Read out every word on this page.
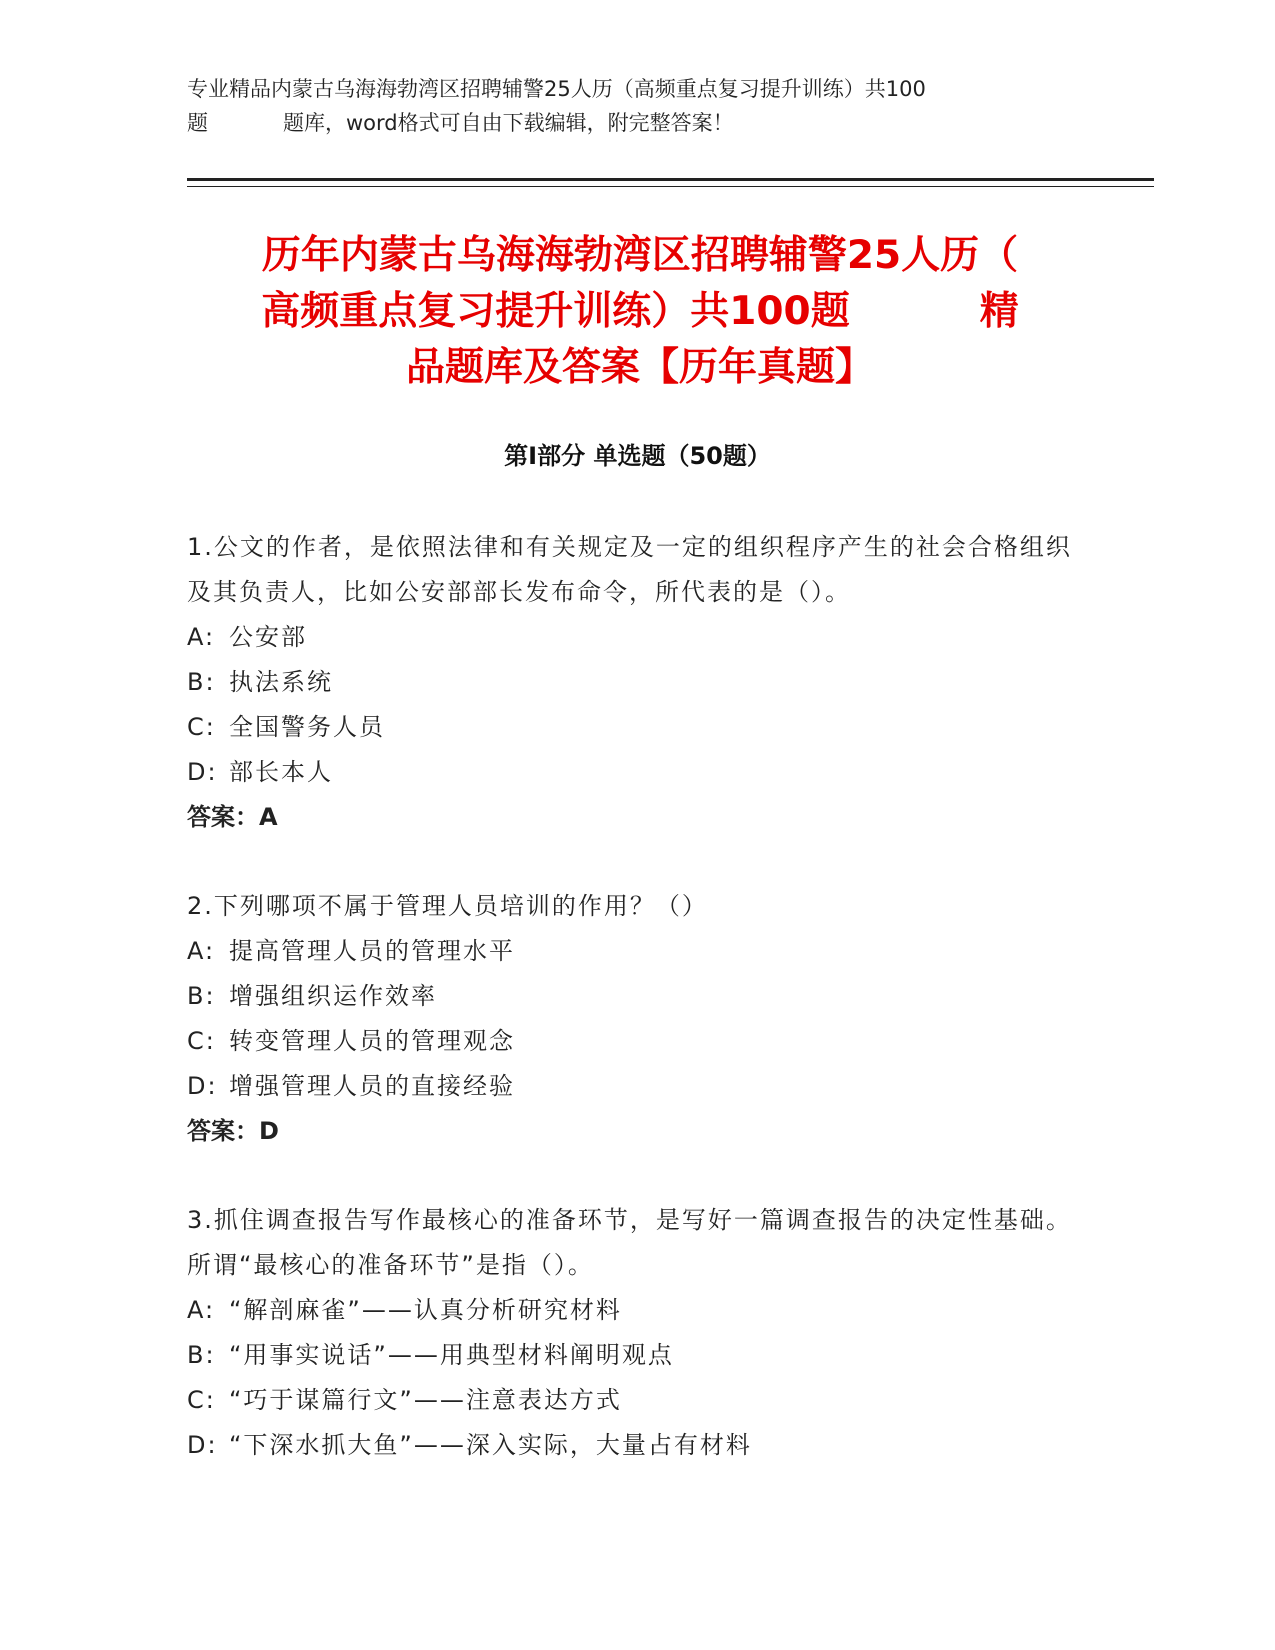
专业精品内蒙古乌海海勃湾区招聘辅警25人历（高频重点复习提升训练）共100
题	题库，word格式可自由下载编辑，附完整答案！
历年内蒙古乌海海勃湾区招聘辅警25人历（
高频重点复习提升训练）共100题	精
品题库及答案【历年真题】
第Ⅰ部分 单选题（50题）
1.公文的作者，是依照法律和有关规定及一定的组织程序产生的社会合格组织及其负责人，比如公安部部长发布命令，所代表的是（）。
A: 公安部
B: 执法系统
C: 全国警务人员
D: 部长本人
答案：A
2.下列哪项不属于管理人员培训的作用？（）
A: 提高管理人员的管理水平
B: 增强组织运作效率
C: 转变管理人员的管理观念
D: 增强管理人员的直接经验
答案：D
3.抓住调查报告写作最核心的准备环节，是写好一篇调查报告的决定性基础。所谓“最核心的准备环节”是指（）。
A: “解剖麻雀”——认真分析研究材料
B: “用事实说话”——用典型材料阐明观点
C: “巧于谋篇行文”——注意表达方式
D: “下深水抓大鱼”——深入实际，大量占有材料
